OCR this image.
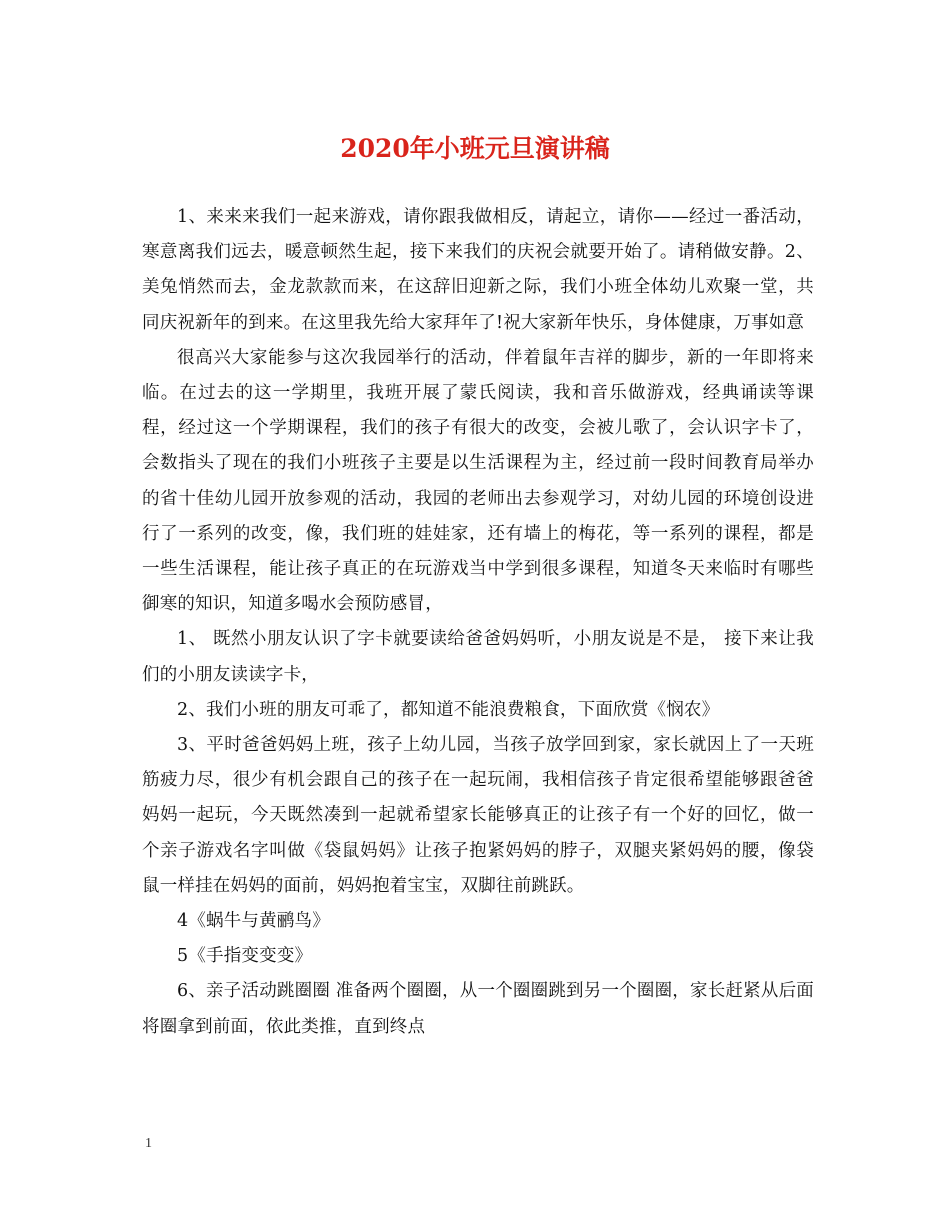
2020年小班元旦演讲稿

1、来来来我们一起来游戏，请你跟我做相反，请起立，请你——经过一番活动，寒意离我们远去，暖意顿然生起，接下来我们的庆祝会就要开始了。请稍做安静。2、美兔悄然而去，金龙款款而来，在这辞旧迎新之际，我们小班全体幼儿欢聚一堂，共同庆祝新年的到来。在这里我先给大家拜年了!祝大家新年快乐，身体健康，万事如意

很高兴大家能参与这次我园举行的活动，伴着鼠年吉祥的脚步，新的一年即将来临。在过去的这一学期里，我班开展了蒙氏阅读，我和音乐做游戏，经典诵读等课程，经过这一个学期课程，我们的孩子有很大的改变，会被儿歌了，会认识字卡了，会数指头了现在的我们小班孩子主要是以生活课程为主，经过前一段时间教育局举办的省十佳幼儿园开放参观的活动，我园的老师出去参观学习，对幼儿园的环境创设进行了一系列的改变，像，我们班的娃娃家，还有墙上的梅花，等一系列的课程，都是一些生活课程，能让孩子真正的在玩游戏当中学到很多课程，知道冬天来临时有哪些御寒的知识，知道多喝水会预防感冒，

1、 既然小朋友认识了字卡就要读给爸爸妈妈听，小朋友说是不是， 接下来让我们的小朋友读读字卡，

2、我们小班的朋友可乖了，都知道不能浪费粮食，下面欣赏《悯农》

3、平时爸爸妈妈上班，孩子上幼儿园，当孩子放学回到家，家长就因上了一天班筋疲力尽，很少有机会跟自己的孩子在一起玩闹，我相信孩子肯定很希望能够跟爸爸妈妈一起玩，今天既然凑到一起就希望家长能够真正的让孩子有一个好的回忆，做一个亲子游戏名字叫做《袋鼠妈妈》让孩子抱紧妈妈的脖子，双腿夹紧妈妈的腰，像袋鼠一样挂在妈妈的面前，妈妈抱着宝宝，双脚往前跳跃。

4《蜗牛与黄鹂鸟》

5《手指变变变》

6、亲子活动跳圈圈 准备两个圈圈，从一个圈圈跳到另一个圈圈，家长赶紧从后面将圈拿到前面，依此类推，直到终点

1
